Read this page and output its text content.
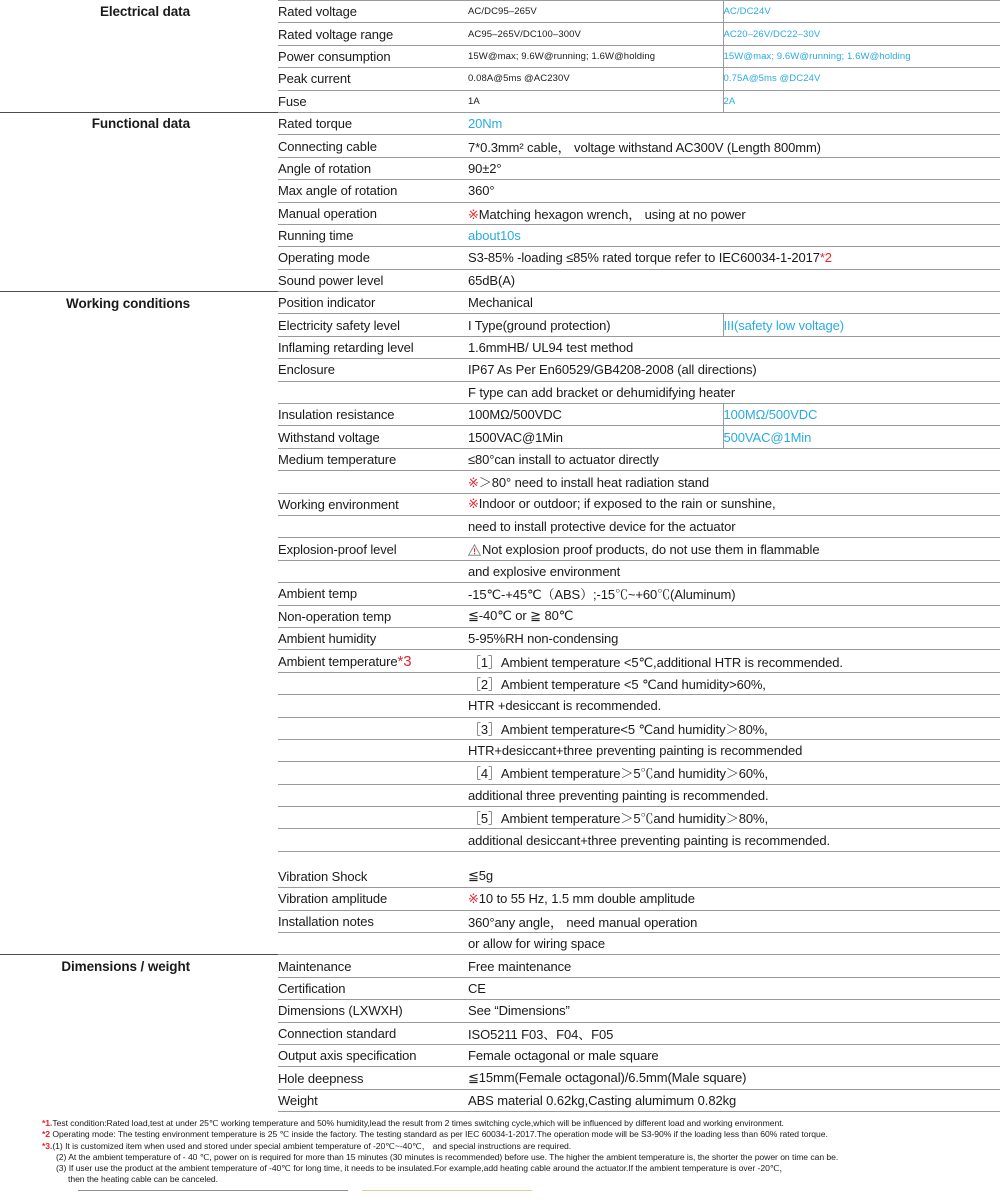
Electrical data		Rated voltage	AC/DC95–265V	AC/DC24V
		Rated voltage range	AC95–265V/DC100–300V	AC20–26V/DC22–30V
		Power consumption	15W@max; 9.6W@running; 1.6W@holding	15W@max; 9.6W@running; 1.6W@holding
		Peak current	0.08A@5ms @AC230V	0.75A@5ms @DC24V
		Fuse	1A	2A
Functional data		Rated torque	20Nm	
		Connecting cable	7*0.3mm² cable， voltage withstand AC300V (Length 800mm)	
		Angle of rotation	90±2°	
		Max angle of rotation	360°	
		Manual operation	※Matching hexagon wrench， using at no power	
		Running time	about10s	
		Operating mode	S3-85% -loading ≤85% rated torque refer to IEC60034-1-2017*2	
		Sound power level	65dB(A)	
Working conditions		Position indicator	Mechanical	
		Electricity safety level	I Type(ground protection)	III(safety low voltage)
		Inflaming retarding level	1.6mmHB/ UL94 test method	
		Enclosure	IP67 As Per En60529/GB4208-2008 (all directions)	
			F type can add bracket or dehumidifying heater	
		Insulation resistance	100MΩ/500VDC	100MΩ/500VDC
		Withstand voltage	1500VAC@1Min	500VAC@1Min
		Medium temperature	≤80°can install to actuator directly	
			※＞80° need to install heat radiation stand	
		Working environment	※Indoor or outdoor; if exposed to the rain or sunshine,	
			need to install protective device for the actuator	
		Explosion-proof level	Not explosion proof products, do not use them in flammable	
			and explosive environment	
		Ambient temp	-15℃-+45℃（ABS）;-15℃~+60℃(Aluminum)	
		Non-operation temp	≦-40℃ or ≧ 80℃	
		Ambient humidity	5-95%RH non-condensing	
		Ambient temperature*3	［1］Ambient temperature <5℃,additional HTR is recommended.	
			［2］Ambient temperature <5 ℃and humidity>60%,	
			HTR +desiccant is recommended.	
			［3］Ambient temperature<5 ℃and humidity＞80%,	
			HTR+desiccant+three preventing painting is recommended	
			［4］Ambient temperature＞5℃and humidity＞60%,	
			additional three preventing painting is recommended.	
			［5］Ambient temperature＞5℃and humidity＞80%,	
			additional desiccant+three preventing painting is recommended.	

		Vibration Shock	≦5g	
		Vibration amplitude	※10 to 55 Hz, 1.5 mm double amplitude	
		Installation notes	360°any angle， need manual operation	
			or allow for wiring space	
Dimensions / weight		Maintenance	Free maintenance	
		Certification	CE	
		Dimensions (LXWXH)	See “Dimensions”	
		Connection standard	ISO5211 F03、F04、F05	
		Output axis specification	Female octagonal or male square	
		Hole deepness	≦15mm(Female octagonal)/6.5mm(Male square)	
		Weight	ABS material 0.62kg,Casting alumimum 0.82kg	

*1.Test condition:Rated load,test at under 25℃ working temperature and 50% humidity,lead the result from 2 times switching cycle,which will be influenced by different load and working environment.
*2 Operating mode: The testing environment temperature is 25 ℃ inside the factory. The testing standard as per IEC 60034-1-2017.The operation mode will be S3-90% if the loading less than 60% rated torque.
*3.(1) It is customized item when used and stored under special ambient temperature of -20℃~-40℃， and special instructions are required.
(2) At the ambient temperature of - 40 ℃, power on is required for more than 15 minutes (30 minutes is recommended) before use. The higher the ambient temperature is, the shorter the power on time can be.
(3) If user use the product at the ambient temperature of -40℃ for long time, it needs to be insulated.For example,add heating cable around the actuator.If the ambient temperature is over -20℃，
then the heating cable can be canceled.
